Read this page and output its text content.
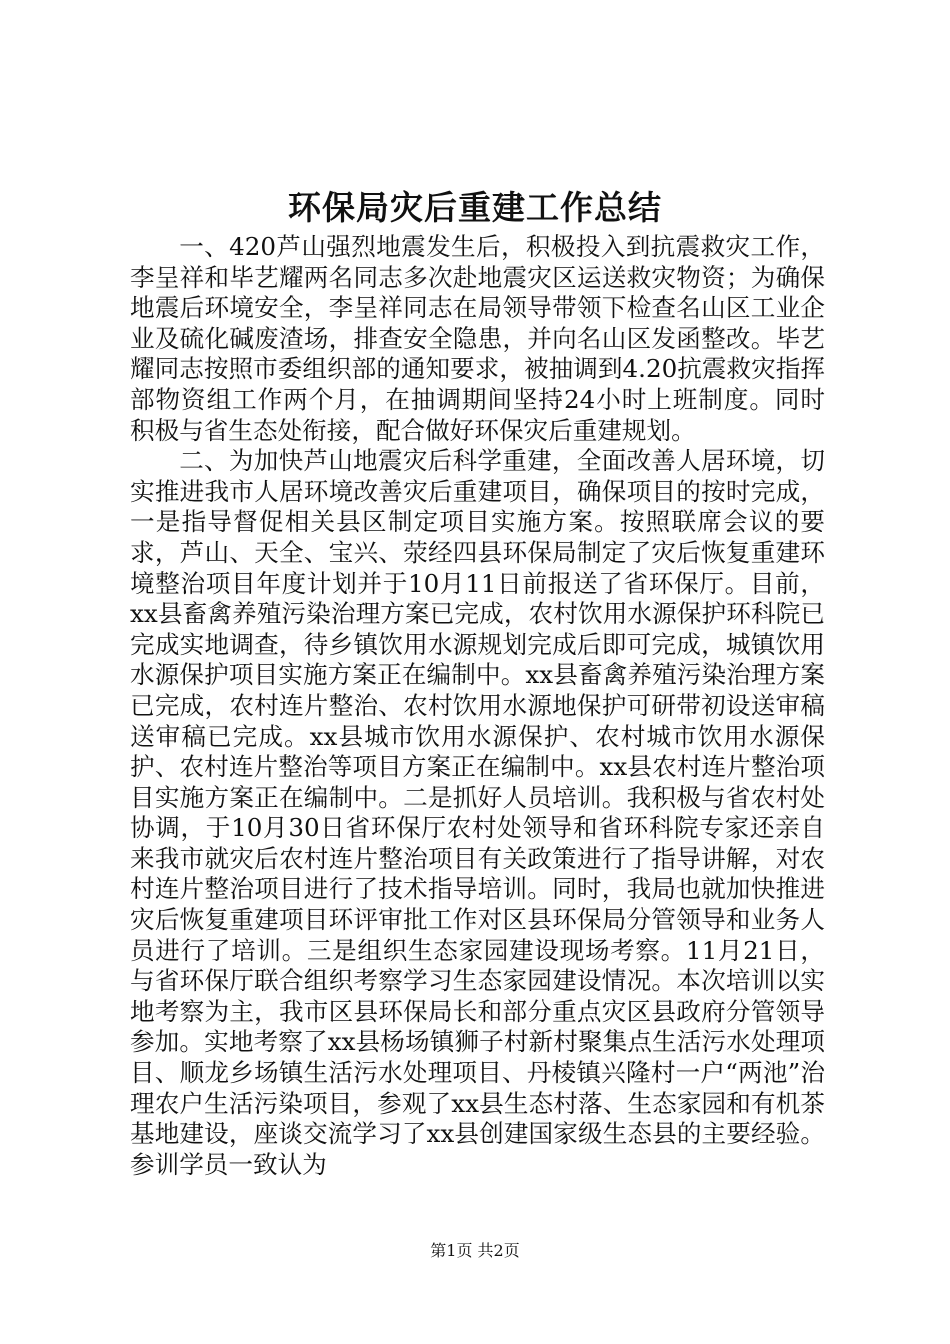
环保局灾后重建工作总结

一、420芦山强烈地震发生后，积极投入到抗震救灾工作，李呈祥和毕艺耀两名同志多次赴地震灾区运送救灾物资；为确保地震后环境安全，李呈祥同志在局领导带领下检查名山区工业企业及硫化碱废渣场，排查安全隐患，并向名山区发函整改。毕艺耀同志按照市委组织部的通知要求，被抽调到4.20抗震救灾指挥部物资组工作两个月，在抽调期间坚持24小时上班制度。同时积极与省生态处衔接，配合做好环保灾后重建规划。

二、为加快芦山地震灾后科学重建，全面改善人居环境，切实推进我市人居环境改善灾后重建项目，确保项目的按时完成，一是指导督促相关县区制定项目实施方案。按照联席会议的要求，芦山、天全、宝兴、荥经四县环保局制定了灾后恢复重建环境整治项目年度计划并于10月11日前报送了省环保厅。目前，xx县畜禽养殖污染治理方案已完成，农村饮用水源保护环科院已完成实地调查，待乡镇饮用水源规划完成后即可完成，城镇饮用水源保护项目实施方案正在编制中。xx县畜禽养殖污染治理方案已完成，农村连片整治、农村饮用水源地保护可研带初设送审稿送审稿已完成。xx县城市饮用水源保护、农村城市饮用水源保护、农村连片整治等项目方案正在编制中。xx县农村连片整治项目实施方案正在编制中。二是抓好人员培训。我积极与省农村处协调，于10月30日省环保厅农村处领导和省环科院专家还亲自来我市就灾后农村连片整治项目有关政策进行了指导讲解，对农村连片整治项目进行了技术指导培训。同时，我局也就加快推进灾后恢复重建项目环评审批工作对区县环保局分管领导和业务人员进行了培训。三是组织生态家园建设现场考察。11月21日，与省环保厅联合组织考察学习生态家园建设情况。本次培训以实地考察为主，我市区县环保局长和部分重点灾区县政府分管领导参加。实地考察了xx县杨场镇狮子村新村聚集点生活污水处理项目、顺龙乡场镇生活污水处理项目、丹棱镇兴隆村一户“两池”治理农户生活污染项目，参观了xx县生态村落、生态家园和有机茶基地建设，座谈交流学习了xx县创建国家级生态县的主要经验。参训学员一致认为

第1页 共2页
